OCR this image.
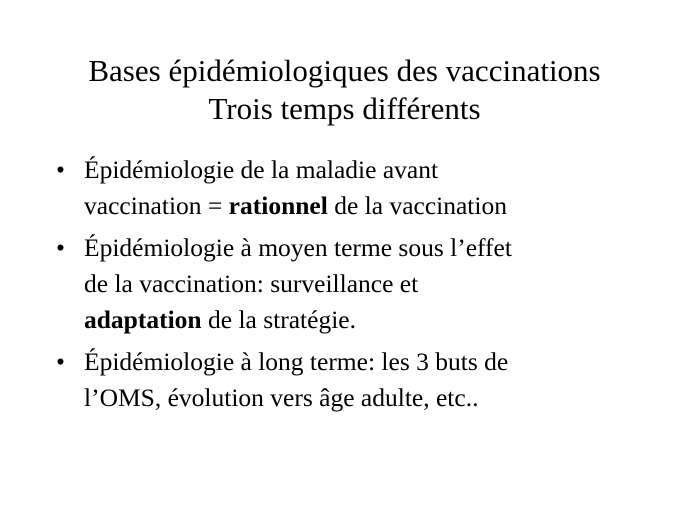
Bases épidémiologiques des vaccinations
Trois temps différents
• Épidémiologie de la maladie avant
vaccination = rationnel de la vaccination
• Épidémiologie à moyen terme sous l’effet
de la vaccination: surveillance et
adaptation de la stratégie.
• Épidémiologie à long terme: les 3 buts de
l’OMS, évolution vers âge adulte, etc..
